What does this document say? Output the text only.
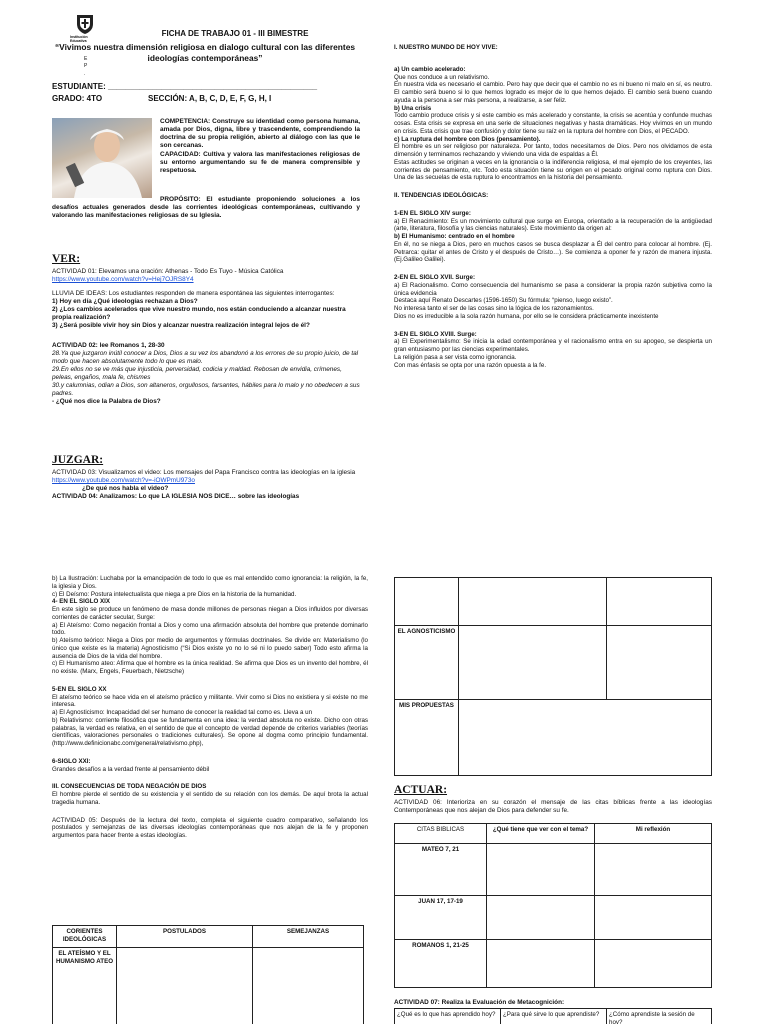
Institución Educativa
E
P
.
FICHA DE TRABAJO 01 - III BIMESTRE
“Vivimos nuestra dimensión religiosa en dialogo cultural con las diferentes ideologías contemporáneas”
ESTUDIANTE: _______________________________________________
GRADO: 4TO	SECCIÓN: A, B, C, D, E, F, G, H, I

COMPETENCIA: Construye su identidad como persona humana, amada por Dios, digna, libre y trascendente, comprendiendo la doctrina de su propia religión, abierto al diálogo con las que le son cercanas.

CAPACIDAD: Cultiva y valora las manifestaciones religiosas de su entorno argumentando su fe de manera comprensible y respetuosa.

PROPÓSITO: El estudiante proponiendo soluciones a los desafíos actuales generados desde las corrientes ideológicas contemporáneas, cultivando y valorando las manifestaciones religiosas de su Iglesia.
VER:

ACTIVIDAD 01: Elevamos una oración: Athenas - Todo Es Tuyo - Música Católica

https://www.youtube.com/watch?v=Hej7OJRS8Y4

LLUVIA DE IDEAS: Los estudiantes responden de manera espontánea las siguientes interrogantes:

1) Hoy en día ¿Qué ideologías rechazan a Dios?

2) ¿Los cambios acelerados que vive nuestro mundo, nos están conduciendo a alcanzar nuestra propia realización?

3) ¿Será posible vivir hoy sin Dios y alcanzar nuestra realización integral lejos de él?

ACTIVIDAD 02: lee Romanos 1, 28-30

28.Ya que juzgaron inútil conocer a Dios, Dios a su vez los abandonó a los errores de su propio juicio, de tal modo que hacen absolutamente todo lo que es malo.

29.En ellos no se ve más que injusticia, perversidad, codicia y maldad. Rebosan de envidia, crímenes, peleas, engaños, mala fe, chismes

30.y calumnias, odian a Dios, son altaneros, orgullosos, farsantes, hábiles para lo malo y no obedecen a sus padres.

- ¿Qué nos dice la Palabra de Dios?

JUZGAR:

ACTIVIDAD 03: Visualizamos el video: Los mensajes del Papa Francisco contra las ideologías en la iglesia

https://www.youtube.com/watch?v=-iOWPmU973o

¿De qué nos habla el video?

ACTIVIDAD 04: Analizamos: Lo que LA IGLESIA NOS DICE… sobre las ideologías

I. NUESTRO MUNDO DE HOY VIVE:

a) Un cambio acelerado:

Que nos conduce a un relativismo.

En nuestra vida es necesario el cambio. Pero hay que decir que el cambio no es ni bueno ni malo en sí, es neutro. El cambio será bueno si lo que hemos logrado es mejor de lo que hemos dejado. El cambio será bueno cuando ayuda a la persona a ser más persona, a realizarse, a ser feliz.

b) Una crisis

Todo cambio produce crisis y si este cambio es más acelerado y constante, la crisis se acentúa y confunde muchas cosas. Esta crisis se expresa en una serie de situaciones negativas y hasta dramáticas. Hoy vivimos en un mundo en crisis. Esta crisis que trae confusión y dolor tiene su raíz en la ruptura del hombre con Dios, el PECADO.

c) La ruptura del hombre con Dios (pensamiento).

El hombre es un ser religioso por naturaleza. Por tanto, todos necesitamos de Dios. Pero nos olvidamos de esta dimensión y terminamos rechazando y viviendo una vida de espaldas a Él.

Estas actitudes se originan a veces en la ignorancia o la indiferencia religiosa, el mal ejemplo de los creyentes, las corrientes de pensamiento, etc. Todo esta situación tiene su origen en el pecado original como ruptura con Dios. Una de las secuelas de esta ruptura lo encontramos en la historia del pensamiento.

II. TENDENCIAS IDEOLÓGICAS:

1-EN EL SIGLO XIV surge:

a) El Renacimiento: Es un movimiento cultural que surge en Europa, orientado a la recuperación de la antigüedad (arte, literatura, filosofía y las ciencias naturales). Este movimiento da origen al:

b) El Humanismo: centrado en el hombre

En él, no se niega a Dios, pero en muchos casos se busca desplazar a Él del centro para colocar al hombre. (Ej. Petrarca: quitar el antes de Cristo y el después de Cristo…). Se comienza a oponer fe y razón de manera injusta. (Ej.Galileo Galilei).

2-EN EL SIGLO XVII. Surge:

a) El Racionalismo. Como consecuencia del humanismo se pasa a considerar la propia razón subjetiva como la única evidencia

Destaca aquí Renato Descartes (1596-1650) Su fórmula: “pienso, luego existo”.

No interesa tanto el ser de las cosas sino la lógica de los razonamientos.

Dios no es irreducible a la sola razón humana, por ello se le considera prácticamente inexistente

3-EN EL SIGLO XVIII. Surge:

a) El Experimentalismo: Se inicia la edad contemporánea y el racionalismo entra en su apogeo, se despierta un gran entusiasmo por las ciencias experimentales.

La religión pasa a ser vista como ignorancia.

Con mas énfasis se opta por una razón opuesta a la fe.

b) La Ilustración: Luchaba por la emancipación de todo lo que es mal entendido como ignorancia: la religión, la fe, la iglesia y Dios.

c) El Deísmo: Postura intelectualista que niega a pre Dios en la historia de la humanidad.

4- EN EL SIGLO XIX

En este siglo se produce un fenómeno de masa donde millones de personas niegan a Dios influidos por diversas corrientes de carácter secular, Surge:

a) El Ateísmo: Como negación frontal a Dios y como una afirmación absoluta del hombre que pretende dominarlo todo.

b) Ateísmo teórico: Niega a Dios por medio de argumentos y fórmulas doctrinales. Se divide en: Materialismo (lo único que existe es la materia) Agnosticismo (“Si Dios existe yo no lo sé ni lo puedo saber) Todo esto afirma la ausencia de Dios de la vida del hombre.

c) El Humanismo ateo: Afirma que el hombre es la única realidad. Se afirma que Dios es un invento del hombre, él no existe. (Marx, Engels, Feuerbach, Nietzsche)

5-EN EL SIGLO XX

El ateísmo teórico se hace vida en el ateísmo práctico y militante. Vivir como si Dios no existiera y si existe no me interesa.

a) El Agnosticismo: Incapacidad del ser humano de conocer la realidad tal como es. Lleva a un

b) Relativismo: corriente filosófica que se fundamenta en una idea: la verdad absoluta no existe. Dicho con otras palabras, la verdad es relativa, en el sentido de que el concepto de verdad depende de criterios variables (teorías científicas, valoraciones personales o tradiciones culturales). Se opone al dogma como principio fundamental. (http://www.definicionabc.com/general/relativismo.php),

6-SIGLO XXI:

Grandes desafíos a la verdad frente al pensamiento débil

III. CONSECUENCIAS DE TODA NEGACIÓN DE DIOS

El hombre pierde el sentido de su existencia y el sentido de su relación con los demás. De aquí brota la actual tragedia humana.

ACTIVIDAD 05: Después de la lectura del texto, completa el siguiente cuadro comparativo, señalando los postulados y semejanzas de las diversas ideologías contemporáneas que nos alejan de la fe y proponen argumentos para hacer frente a estas ideologías.

CORIENTES IDEOLÓGICAS	POSTULADOS	SEMEJANZAS
EL ATEÍSMO Y EL HUMANISMO ATEO		

EL AGNOSTICISMO		
MIS PROPUESTAS		
ACTUAR:

ACTIVIDAD 06: Interioriza en su corazón el mensaje de las citas bíblicas frente a las ideologías Contemporáneas que nos alejan de Dios para defender su fe.

CITAS BIBLICAS	¿Qué tiene que ver con el tema?	Mi reflexión
MATEO 7, 21		
JUAN 17, 17-19		
ROMANOS 1, 21-25		
ACTIVIDAD 07: Realiza la Evaluación de Metacognición:
¿Qué es lo que has aprendido hoy?	¿Para qué sirve lo que aprendiste?	¿Cómo aprendiste la sesión de hoy?
